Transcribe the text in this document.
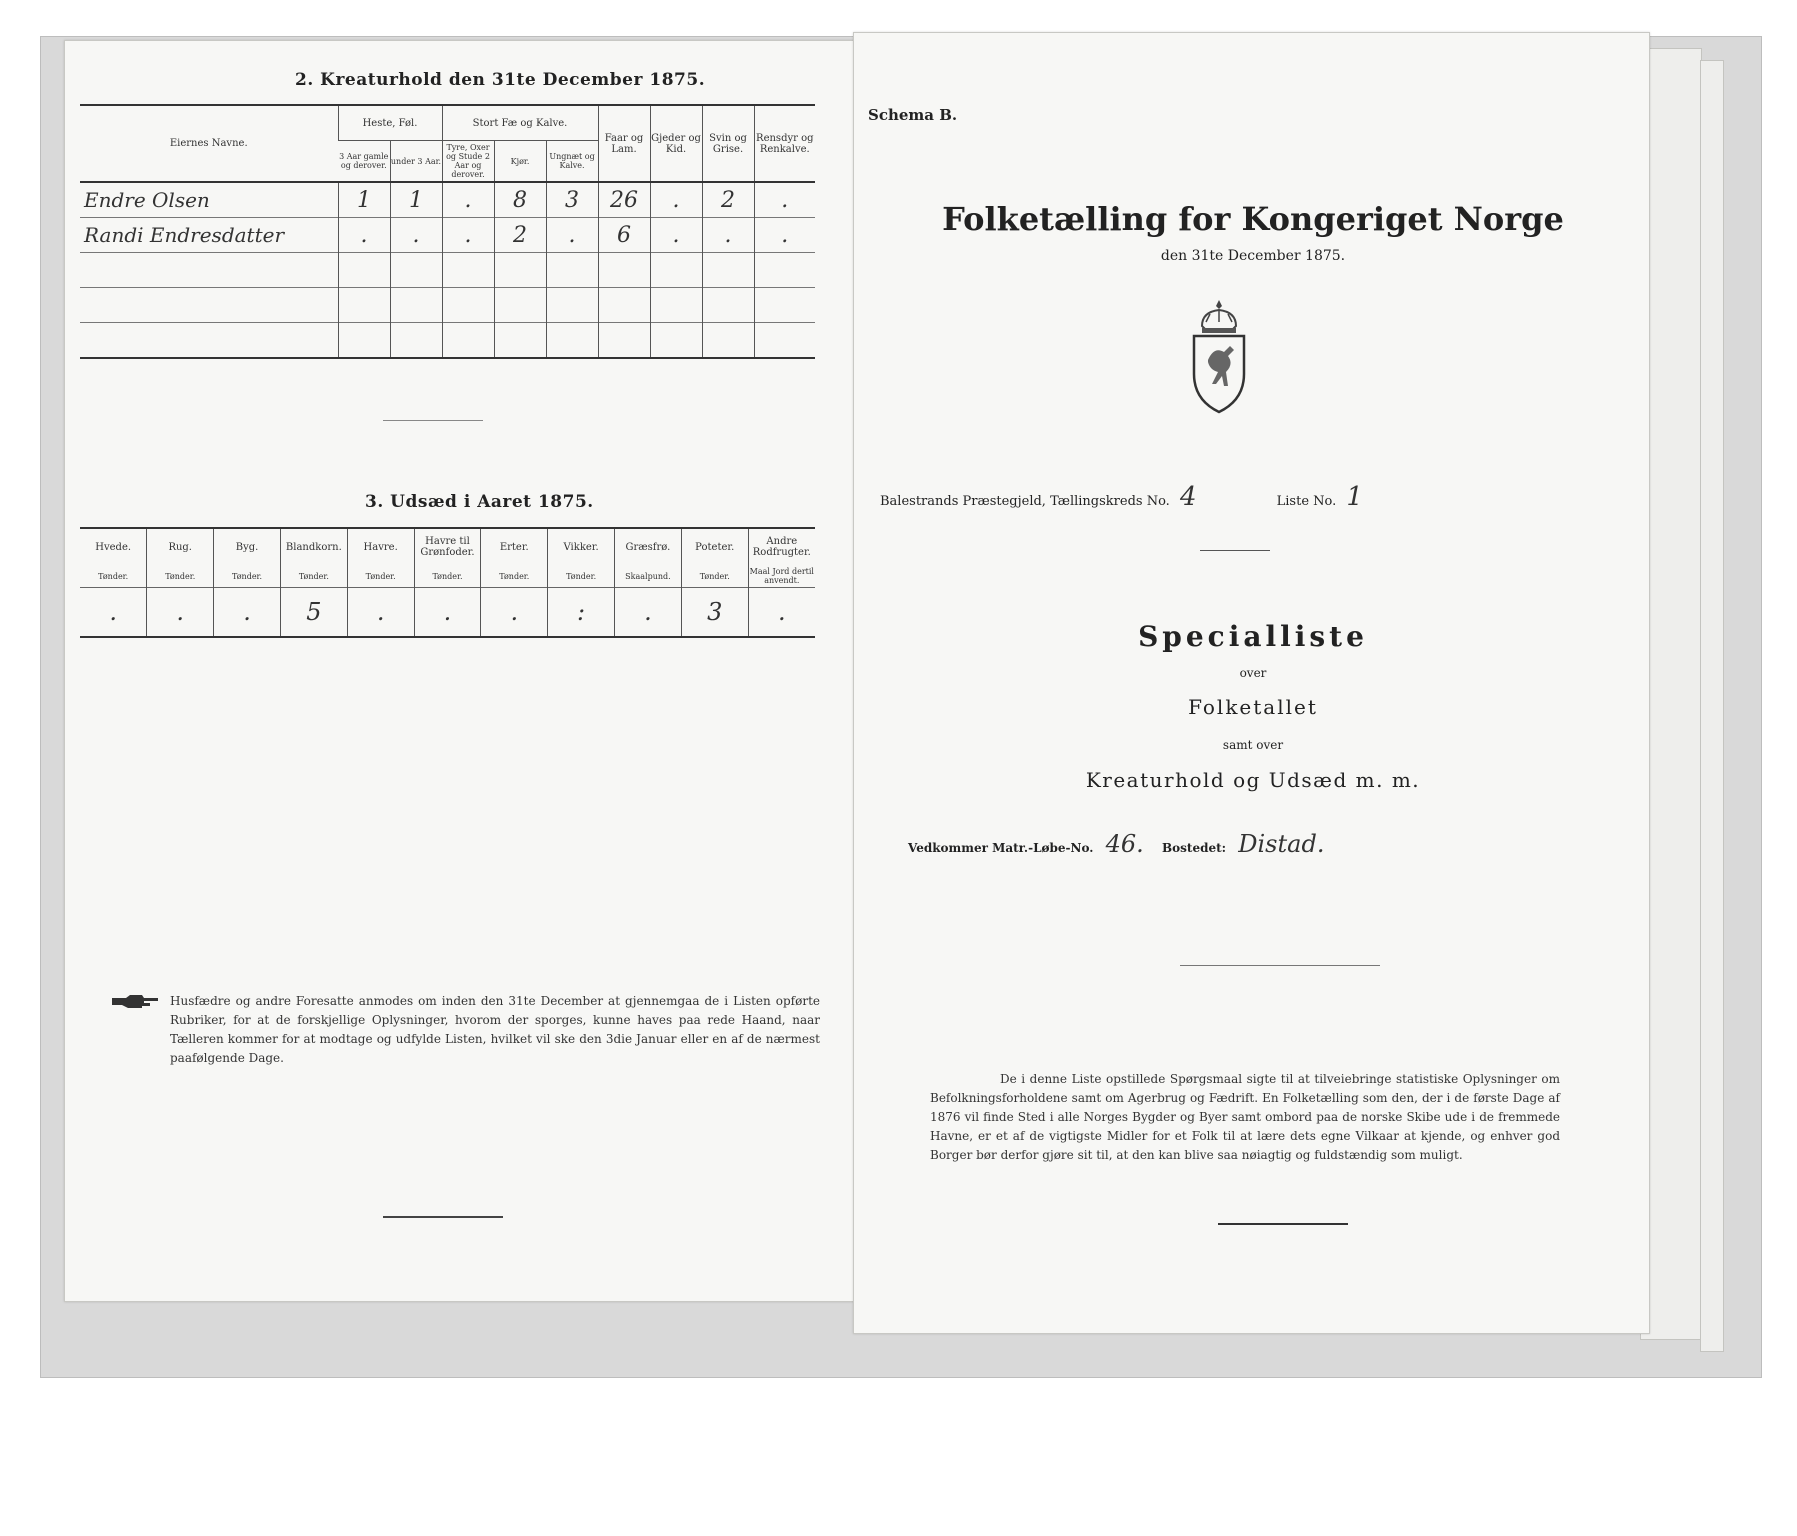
2. Kreaturhold den 31te December 1875.
Eiernes Navne.	Heste, Føl.		Stort Fæ og Kalve.			Faar og Lam.	Gjeder og Kid.	Svin og Grise.	Rensdyr og Renkalve.
	3 Aar gamle og derover.	under 3 Aar.	Tyre, Oxer og Stude 2 Aar og derover.	Kjør.	Ungnæt og Kalve.				
Endre Olsen	1	1	.	8	3	26	.	2	.
Randi Endresdatter	.	.	.	2	.	6	.	.	.

3. Udsæd i Aaret 1875.
Hvede.	Rug.	Byg.	Blandkorn.	Havre.	Havre til Grønfoder.	Erter.	Vikker.	Græsfrø.	Poteter.	Andre Rodfrugter.
Tønder.	Tønder.	Tønder.	Tønder.	Tønder.	Tønder.	Tønder.	Tønder.	Skaalpund.	Tønder.	Maal Jord dertil anvendt.
.	.	.	5	.	.	.	:	.	3	.
Husfædre og andre Foresatte anmodes om inden den 31te December at gjennemgaa de i Listen opførte Rubriker, for at de forskjellige Oplysninger, hvorom der sporges, kunne haves paa rede Haand, naar Tælleren kommer for at modtage og udfylde Listen, hvilket vil ske den 3die Januar eller en af de nærmest paafølgende Dage.
Schema B.
Folketælling for Kongeriget Norge
den 31te December 1875.
Balestrands Præstegjeld, Tællingskreds No. 4	Liste No. 1
Specialliste
over
Folketallet
samt over
Kreaturhold og Udsæd m. m.
Vedkommer Matr.-Løbe-No. 46. Bostedet: Distad.
De i denne Liste opstillede Spørgsmaal sigte til at tilveiebringe statistiske Oplysninger om Befolkningsforholdene samt om Agerbrug og Fædrift. En Folketælling som den, der i de første Dage af 1876 vil finde Sted i alle Norges Bygder og Byer samt ombord paa de norske Skibe ude i de fremmede Havne, er et af de vigtigste Midler for et Folk til at lære dets egne Vilkaar at kjende, og enhver god Borger bør derfor gjøre sit til, at den kan blive saa nøiagtig og fuldstændig som muligt.
